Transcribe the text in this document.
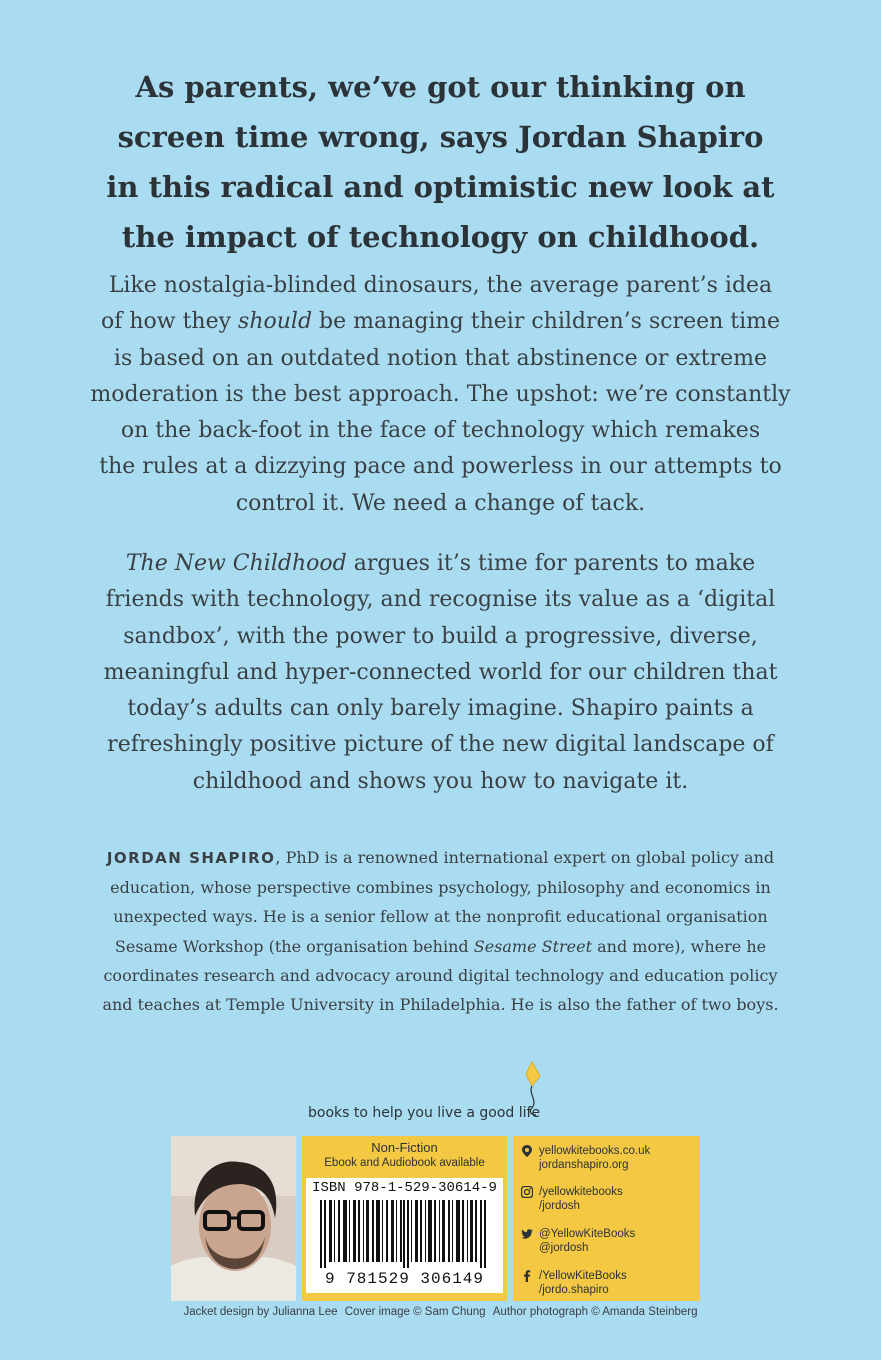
As parents, we’ve got our thinking on
screen time wrong, says Jordan Shapiro
in this radical and optimistic new look at
the impact of technology on childhood.
Like nostalgia-blinded dinosaurs, the average parent’s idea
of how they should be managing their children’s screen time
is based on an outdated notion that abstinence or extreme
moderation is the best approach. The upshot: we’re constantly
on the back-foot in the face of technology which remakes
the rules at a dizzying pace and powerless in our attempts to
control it. We need a change of tack.
The New Childhood argues it’s time for parents to make
friends with technology, and recognise its value as a ‘digital
sandbox’, with the power to build a progressive, diverse,
meaningful and hyper-connected world for our children that
today’s adults can only barely imagine. Shapiro paints a
refreshingly positive picture of the new digital landscape of
childhood and shows you how to navigate it.
JORDAN SHAPIRO, PhD is a renowned international expert on global policy and
education, whose perspective combines psychology, philosophy and economics in
unexpected ways. He is a senior fellow at the nonprofit educational organisation
Sesame Workshop (the organisation behind Sesame Street and more), where he
coordinates research and advocacy around digital technology and education policy
and teaches at Temple University in Philadelphia. He is also the father of two boys.
books to help you live a good life
Non-Fiction
Ebook and Audiobook available
ISBN 978-1-529-30614-9
9 781529 306149
yellowkitebooks.co.uk
jordanshapiro.org
/yellowkitebooks
/jordosh
@YellowKiteBooks
@jordosh
/YellowKiteBooks
/jordo.shapiro
Jacket design by Julianna Lee Cover image © Sam Chung Author photograph © Amanda Steinberg
